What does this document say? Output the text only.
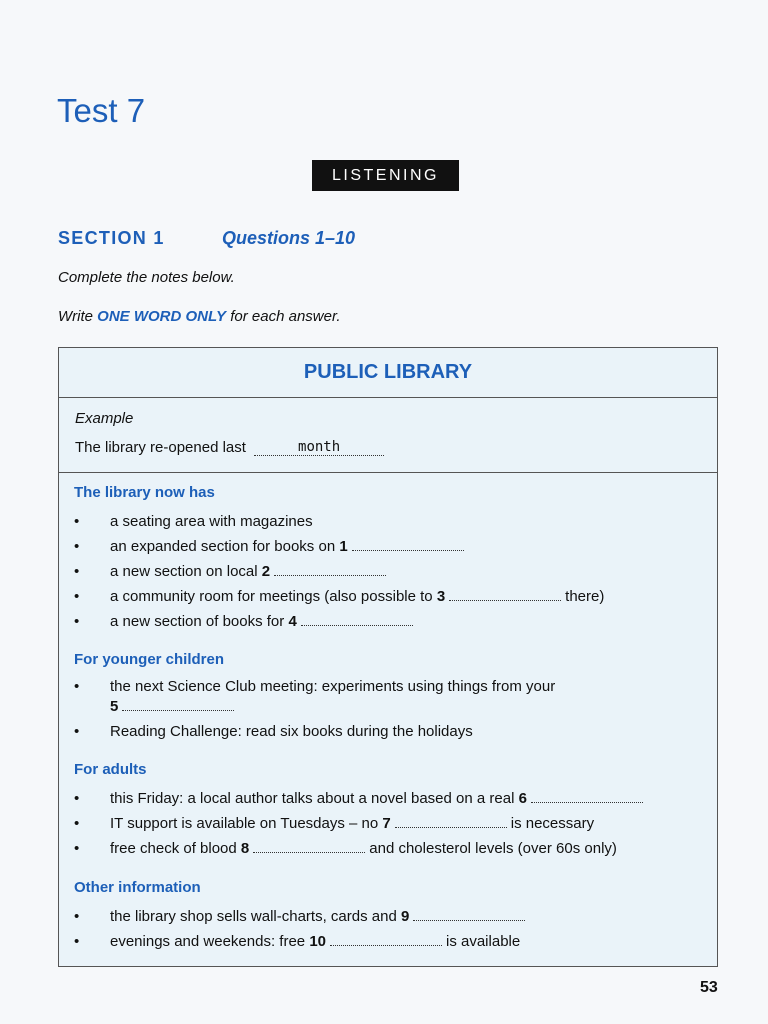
Test 7
LISTENING
SECTION 1	Questions 1–10
Complete the notes below.
Write ONE WORD ONLY for each answer.
PUBLIC LIBRARY
Example
The library re-opened last	month
The library now has
• a seating area with magazines
• an expanded section for books on 1
• a new section on local 2
• a community room for meetings (also possible to 3	there)
• a new section of books for 4
For younger children
• the next Science Club meeting: experiments using things from your
5
• Reading Challenge: read six books during the holidays
For adults
• this Friday: a local author talks about a novel based on a real 6
• IT support is available on Tuesdays – no 7	is necessary
• free check of blood 8	and cholesterol levels (over 60s only)
Other information
• the library shop sells wall-charts, cards and 9
• evenings and weekends: free 10	is available
53
